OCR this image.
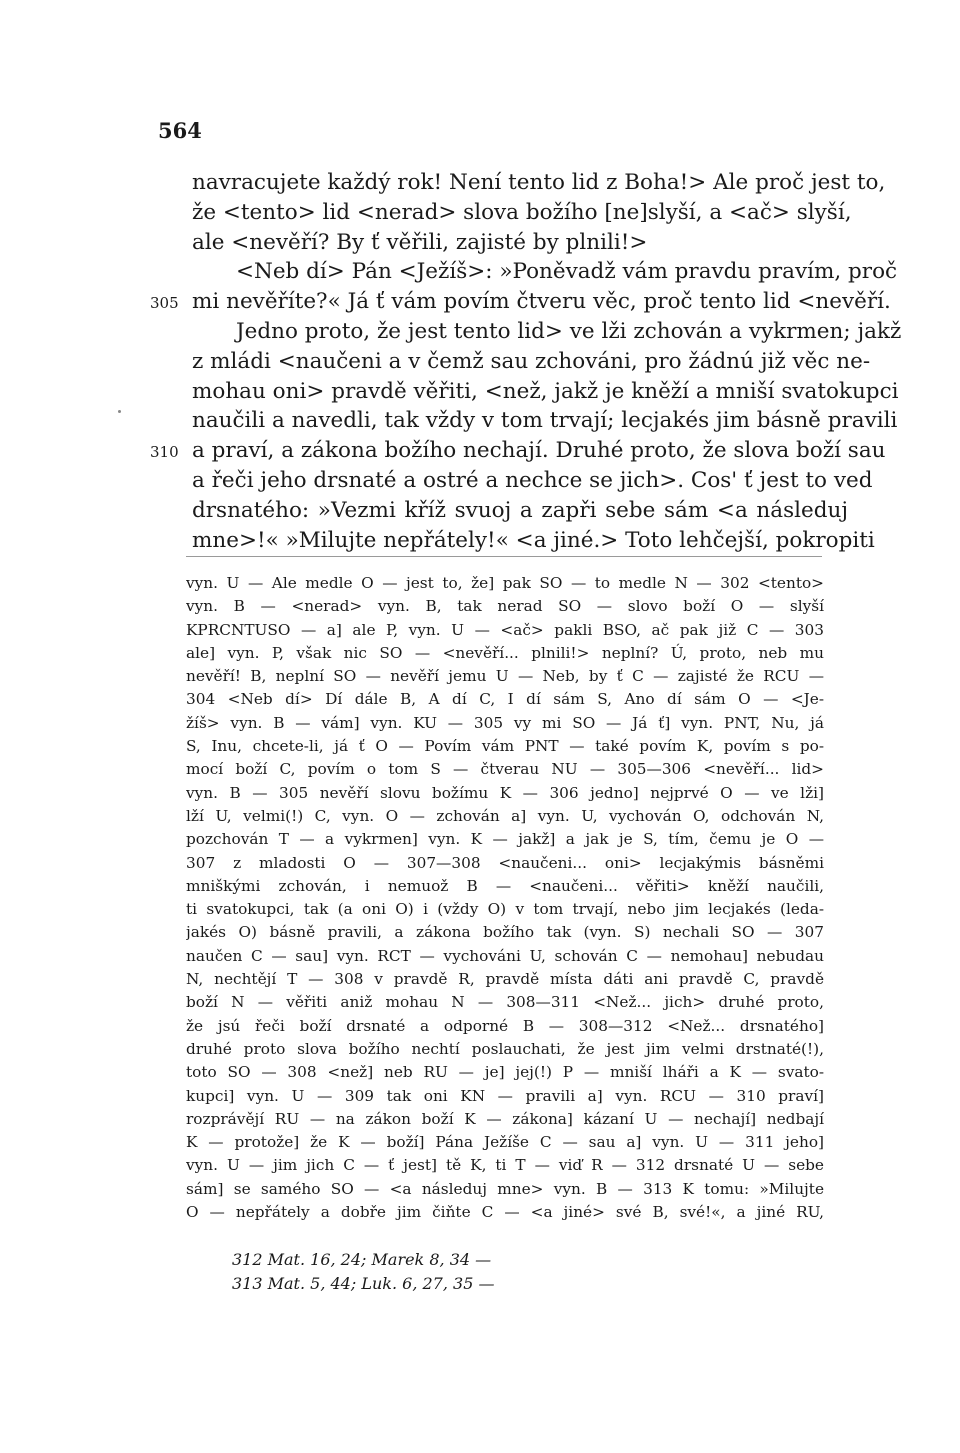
564
navracujete každý rok! Není tento lid z Boha!> Ale proč jest to,
že <tento> lid <nerad> slova božího [ne]slyší, a <ač> slyší,
ale <nevěří? By ť věřili, zajisté by plnili!>
<Neb dí> Pán <Ježíš>: »Poněvadž vám pravdu pravím, proč
305 mi nevěříte?« Já ť vám povím čtveru věc, proč tento lid <nevěří.
Jedno proto, že jest tento lid> ve lži zchován a vykrmen; jakž
z mládi <naučeni a v čemž sau zchováni, pro žádnú již věc ne-
mohau oni> pravdě věřiti, <než, jakž je kněží a mniší svatokupci
naučili a navedli, tak vždy v tom trvají; lecjakés jim básně pravili
310 a praví, a zákona božího nechají. Druhé proto, že slova boží sau
a řeči jeho drsnaté a ostré a nechce se jich>. Cos' ť jest to ved
drsnatého: »Vezmi kříž svuoj a zapři sebe sám <a následuj
mne>!« »Milujte nepřátely!« <a jiné.> Toto lehčejší, pokropiti
vyn. U — Ale medle O — jest to, že] pak SO — to medle N — 302 <tento>
vyn. B — <nerad> vyn. B, tak nerad SO — slovo boží O — slyší
KPRCNTUSO — a] ale P, vyn. U — <ač> pakli BSO, ač pak již C — 303
ale] vyn. P, však nic SO — <nevěří... plnili!> neplní? Ú, proto, neb mu
nevěří! B, neplní SO — nevěří jemu U — Neb, by ť C — zajisté že RCU —
304 <Neb dí> Dí dále B, A dí C, I dí sám S, Ano dí sám O — <Je-
žíš> vyn. B — vám] vyn. KU — 305 vy mi SO — Já ť] vyn. PNT, Nu, já
S, Inu, chcete-li, já ť O — Povím vám PNT — také povím K, povím s po-
mocí boží C, povím o tom S — čtverau NU — 305—306 <nevěří... lid>
vyn. B — 305 nevěří slovu božímu K — 306 jedno] nejprvé O — ve lži]
lží U, velmi(!) C, vyn. O — zchován a] vyn. U, vychován O, odchován N,
pozchován T — a vykrmen] vyn. K — jakž] a jak je S, tím, čemu je O —
307 z mladosti O — 307—308 <naučeni... oni> lecjakýmis básněmi
mniškými zchován, i nemuož B — <naučeni... věřiti> kněží naučili,
ti svatokupci, tak (a oni O) i (vždy O) v tom trvají, nebo jim lecjakés (leda-
jakés O) básně pravili, a zákona božího tak (vyn. S) nechali SO — 307
naučen C — sau] vyn. RCT — vychováni U, schován C — nemohau] nebudau
N, nechtějí T — 308 v pravdě R, pravdě místa dáti ani pravdě C, pravdě
boží N — věřiti aniž mohau N — 308—311 <Než... jich> druhé proto,
že jsú řeči boží drsnaté a odporné B — 308—312 <Než... drsnatého]
druhé proto slova božího nechtí poslauchati, že jest jim velmi drstnaté(!),
toto SO — 308 <než] neb RU — je] jej(!) P — mniší lháři a K — svato-
kupci] vyn. U — 309 tak oni KN — pravili a] vyn. RCU — 310 praví]
rozprávějí RU — na zákon boží K — zákona] kázaní U — nechají] nedbají
K — protože] že K — boží] Pána Ježíše C — sau a] vyn. U — 311 jeho]
vyn. U — jim jich C — ť jest] tě K, ti T — viď R — 312 drsnaté U — sebe
sám] se samého SO — <a následuj mne> vyn. B — 313 K tomu: »Milujte
O — nepřátely a dobře jim čiňte C — <a jiné> své B, své!«, a jiné RU,
312 Mat. 16, 24; Marek 8, 34 —
313 Mat. 5, 44; Luk. 6, 27, 35 —
